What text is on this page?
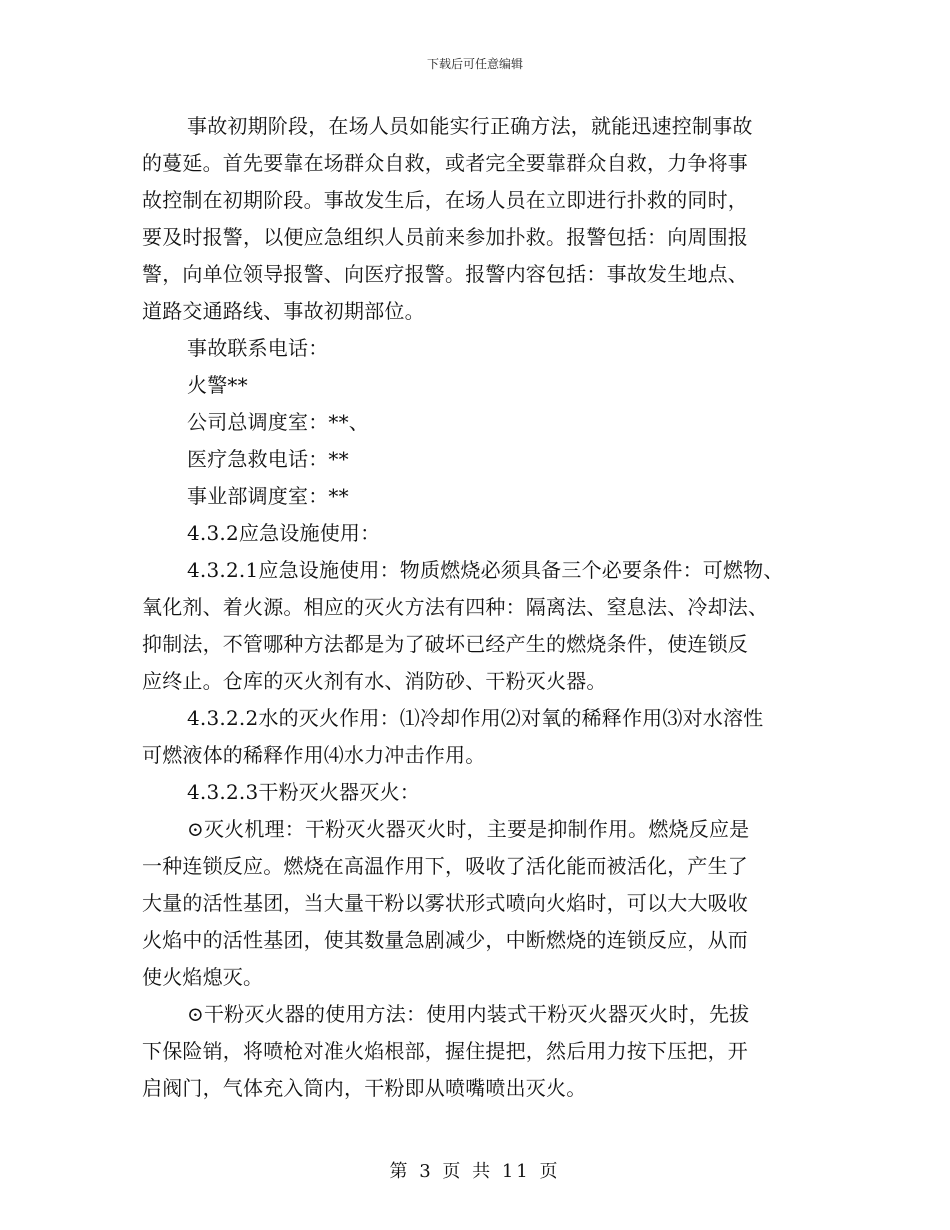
下载后可任意编辑
事故初期阶段，在场人员如能实行正确方法，就能迅速控制事故
的蔓延。首先要靠在场群众自救，或者完全要靠群众自救，力争将事
故控制在初期阶段。事故发生后，在场人员在立即进行扑救的同时，
要及时报警，以便应急组织人员前来参加扑救。报警包括：向周围报
警，向单位领导报警、向医疗报警。报警内容包括：事故发生地点、
道路交通路线、事故初期部位。
事故联系电话：
火警**
公司总调度室：**、
医疗急救电话：**
事业部调度室：**
4.3.2应急设施使用：
4.3.2.1应急设施使用：物质燃烧必须具备三个必要条件：可燃物、
氧化剂、着火源。相应的灭火方法有四种：隔离法、窒息法、冷却法、
抑制法，不管哪种方法都是为了破坏已经产生的燃烧条件，使连锁反
应终止。仓库的灭火剂有水、消防砂、干粉灭火器。
4.3.2.2水的灭火作用：⑴冷却作用⑵对氧的稀释作用⑶对水溶性
可燃液体的稀释作用⑷水力冲击作用。
4.3.2.3干粉灭火器灭火：
⊙灭火机理：干粉灭火器灭火时，主要是抑制作用。燃烧反应是
一种连锁反应。燃烧在高温作用下，吸收了活化能而被活化，产生了
大量的活性基团，当大量干粉以雾状形式喷向火焰时，可以大大吸收
火焰中的活性基团，使其数量急剧减少，中断燃烧的连锁反应，从而
使火焰熄灭。
⊙干粉灭火器的使用方法：使用内装式干粉灭火器灭火时，先拔
下保险销，将喷枪对准火焰根部，握住提把，然后用力按下压把，开
启阀门，气体充入筒内，干粉即从喷嘴喷出灭火。
第 3 页 共 11 页
